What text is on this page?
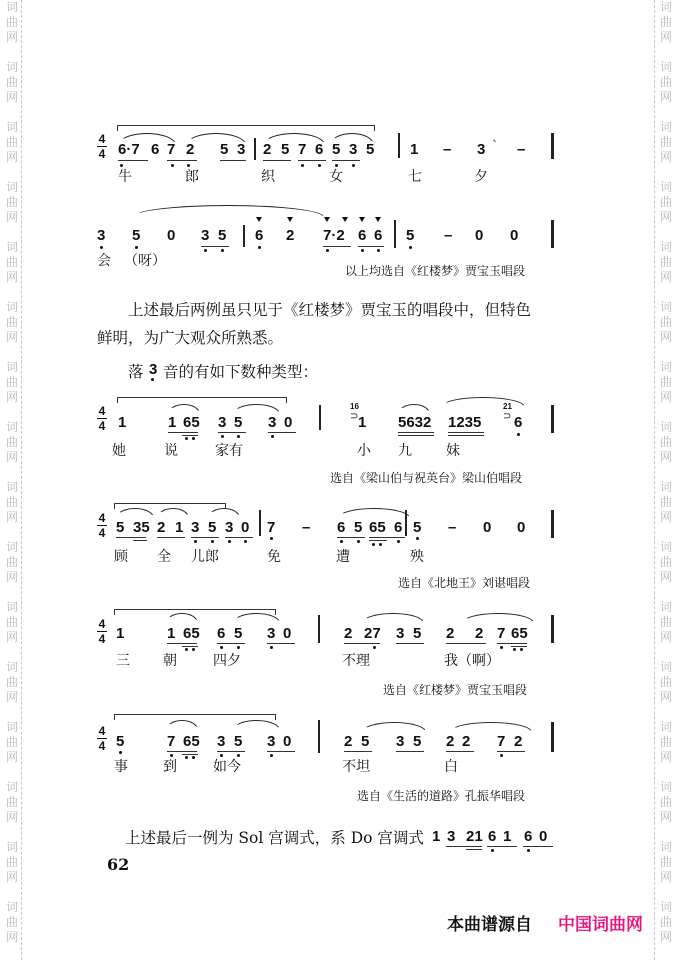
词
曲
网
词
曲
网
词
曲
网
词
曲
网
词
曲
网
词
曲
网
词
曲
网
词
曲
网
词
曲
网
词
曲
网
词
曲
网
词
曲
网
词
曲
网
词
曲
网
词
曲
网
词
曲
网
词
曲
网
词
曲
网
词
曲
网
词
曲
网
词
曲
网
词
曲
网
词
曲
网
词
曲
网
词
曲
网
词
曲
网
词
曲
网
词
曲
网
词
曲
网
词
曲
网
词
曲
网
词
曲
网
4
4 6·7 6 7 2 5 3 2 5 7 6 5 3 5 1 – 3
ˎ
–
牛	郎	织	女	七	夕
3 5 0 3 5 6 2 7·2 6 6 5 – 0 0
会 （呀）
以上均选自《红楼梦》贾宝玉唱段
上述最后两例虽只见于《红楼梦》贾宝玉的唱段中，但特色
鲜明，为广大观众所熟悉。
落 3 音的有如下数种类型：
4
4 1	1 65 3 5 3 0
16
⊃ 1 5632 1235
21
⊃ 6
她	说	家有	小 九 妹
选自《梁山伯与祝英台》梁山伯唱段
4
4 5 35 2 1 3 5 3 0 7 – 6 5 65 6 5 – 0 0
顾 全 儿郎	免	遭	殃
选自《北地王》刘谌唱段
4
4 1	1 65 6 5 3 0	2 27 3 5 2 2 7 65
三 朝	四夕	不理	我（啊）
选自《红楼梦》贾宝玉唱段
4
4 5	7 65 3 5 3 0	2 5 3 5 2 2 7 2
事	到	如今	不坦	白
选自《生活的道路》孔振华唱段
上述最后一例为 Sol 宫调式，系 Do 宫调式 1 3 21 6 1 6 0
62
本曲谱源自 中国词曲网
